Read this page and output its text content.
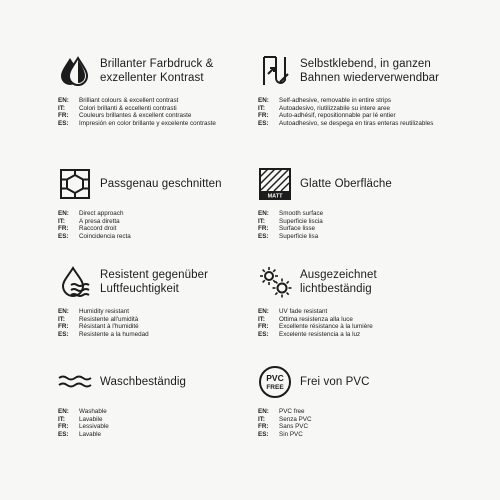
Brillanter Farbdruck &
exzellenter Kontrast
EN:	Brilliant colours & excellent contrast
IT:	Colori brillanti & eccellenti contrasti
FR:	Couleurs brillantes & excellent contraste
ES:	Impresión en color brillante y excelente contraste
Selbstklebend, in ganzen
Bahnen wiederverwendbar
EN:	Self-adhesive, removable in entire strips
IT:	Autoadesivo, riutilizzabile su intere aree
FR:	Auto-adhésif, repositionnable par lé entier
ES:	Autoadhesivo, se despega en tiras enteras reutilizables
Passgenau geschnitten
EN:	Direct approach
IT:	A presa diretta
FR:	Raccord droit
ES:	Coincidencia recta
MATT
Glatte Oberfläche
EN:	Smooth surface
IT:	Superficie liscia
FR:	Surface lisse
ES:	Superficie lisa
Resistent gegenüber
Luftfeuchtigkeit
EN:	Humidity resistant
IT:	Resistente all'umidità
FR:	Résistant à l'humidité
ES:	Resistente a la humedad
Ausgezeichnet
lichtbeständig
EN:	UV fade resistant
IT:	Ottima resistenza alla luce
FR:	Excellente résistance à la lumière
ES:	Excelente resistencia a la luz
Waschbeständig
EN:	Washable
IT:	Lavabile
FR:	Lessivable
ES:	Lavable
PVC
FREE Frei von PVC
EN:	PVC free
IT:	Senza PVC
FR:	Sans PVC
ES:	Sin PVC
